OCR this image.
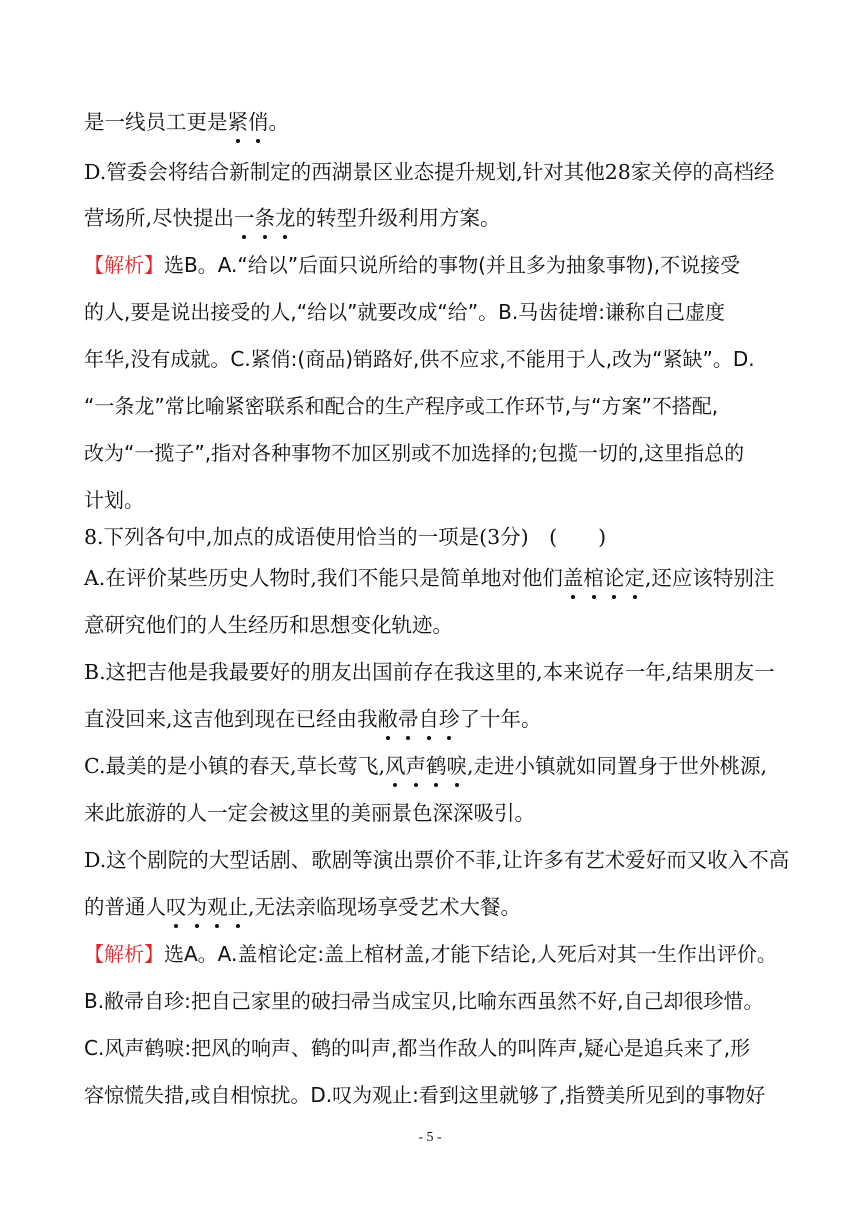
是一线员工更是紧俏。
D.管委会将结合新制定的西湖景区业态提升规划,针对其他28家关停的高档经
营场所,尽快提出一条龙的转型升级利用方案。
【解析】选B。A.“给以”后面只说所给的事物(并且多为抽象事物),不说接受
的人,要是说出接受的人,“给以”就要改成“给”。B.马齿徒增:谦称自己虚度
年华,没有成就。C.紧俏:(商品)销路好,供不应求,不能用于人,改为“紧缺”。D.
“一条龙”常比喻紧密联系和配合的生产程序或工作环节,与“方案”不搭配,
改为“一揽子”,指对各种事物不加区别或不加选择的;包揽一切的,这里指总的
计划。
8.下列各句中,加点的成语使用恰当的一项是(3分)　(　　)
A.在评价某些历史人物时,我们不能只是简单地对他们盖棺论定,还应该特别注
意研究他们的人生经历和思想变化轨迹。
B.这把吉他是我最要好的朋友出国前存在我这里的,本来说存一年,结果朋友一
直没回来,这吉他到现在已经由我敝帚自珍了十年。
C.最美的是小镇的春天,草长莺飞,风声鹤唳,走进小镇就如同置身于世外桃源,
来此旅游的人一定会被这里的美丽景色深深吸引。
D.这个剧院的大型话剧、歌剧等演出票价不菲,让许多有艺术爱好而又收入不高
的普通人叹为观止,无法亲临现场享受艺术大餐。
【解析】选A。A.盖棺论定:盖上棺材盖,才能下结论,人死后对其一生作出评价。
B.敝帚自珍:把自己家里的破扫帚当成宝贝,比喻东西虽然不好,自己却很珍惜。
C.风声鹤唳:把风的响声、鹤的叫声,都当作敌人的叫阵声,疑心是追兵来了,形
容惊慌失措,或自相惊扰。D.叹为观止:看到这里就够了,指赞美所见到的事物好
- 5 -
